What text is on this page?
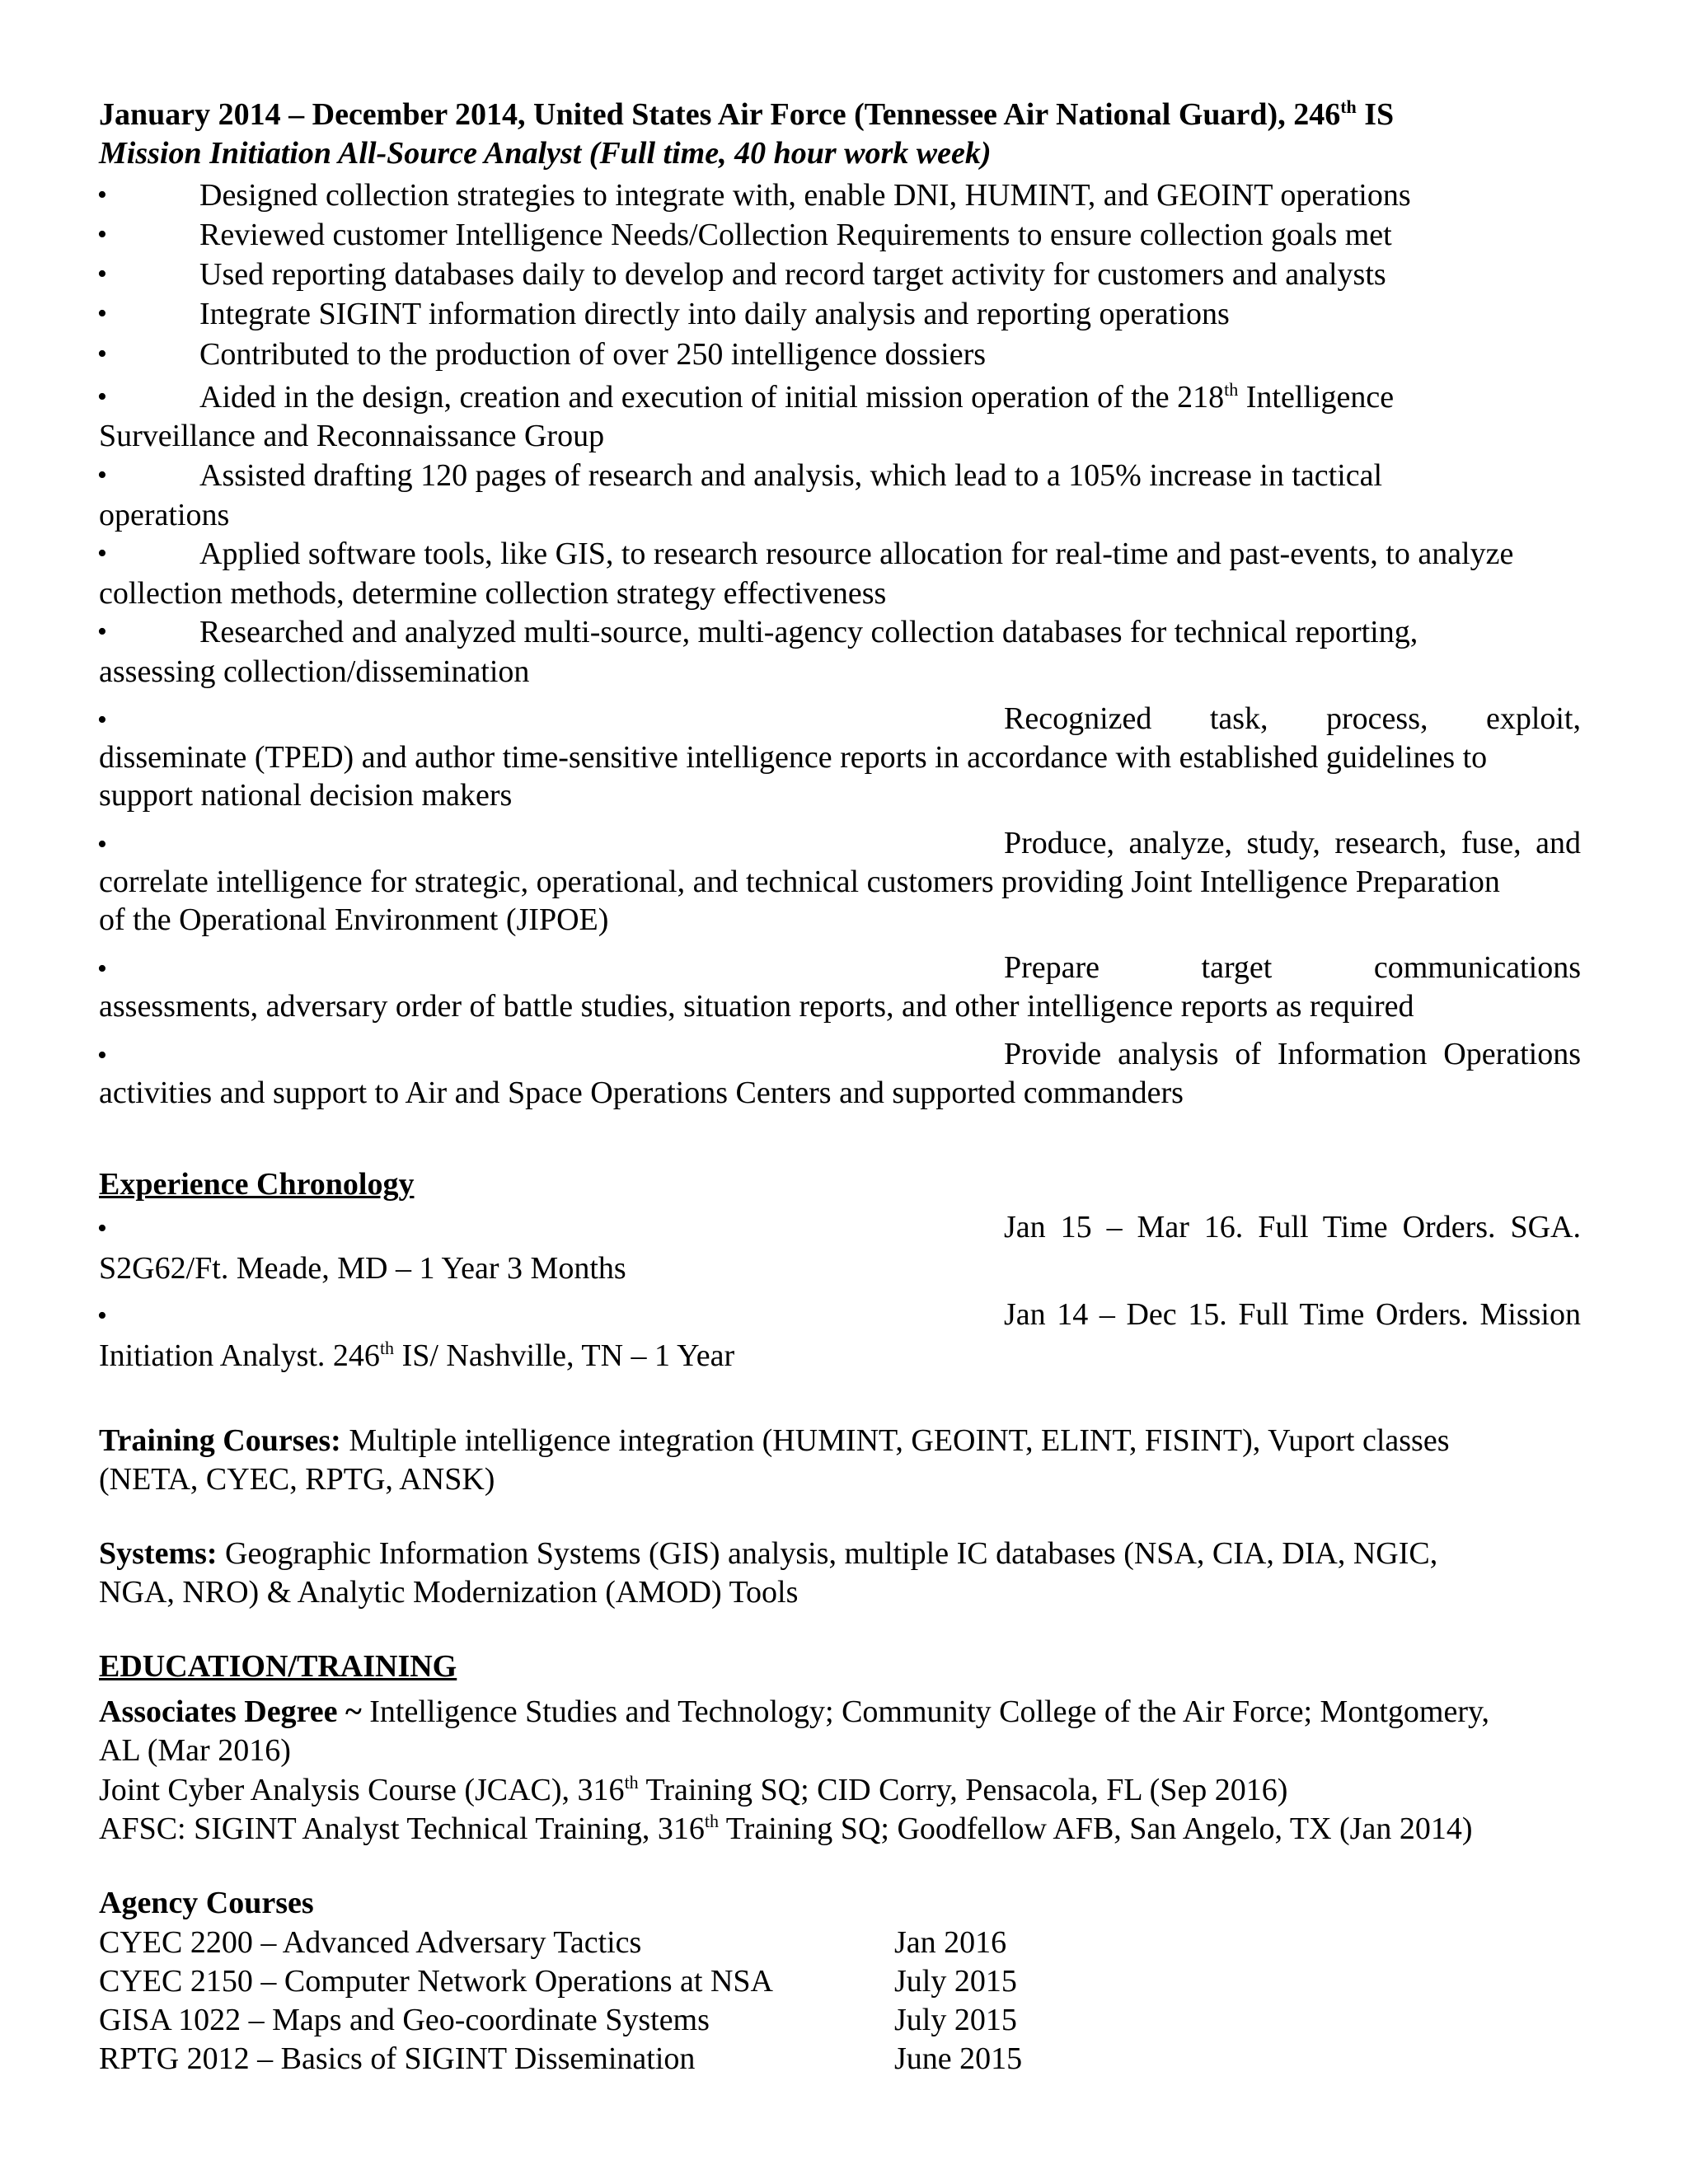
January 2014 – December 2014, United States Air Force (Tennessee Air National Guard), 246th IS
Mission Initiation All-Source Analyst (Full time, 40 hour work week)
•	Designed collection strategies to integrate with, enable DNI, HUMINT, and GEOINT operations
•	Reviewed customer Intelligence Needs/Collection Requirements to ensure collection goals met
•	Used reporting databases daily to develop and record target activity for customers and analysts
•	Integrate SIGINT information directly into daily analysis and reporting operations
•	Contributed to the production of over 250 intelligence dossiers
•	Aided in the design, creation and execution of initial mission operation of the 218th Intelligence
Surveillance and Reconnaissance Group
•	Assisted drafting 120 pages of research and analysis, which lead to a 105% increase in tactical
operations
•	Applied software tools, like GIS, to research resource allocation for real-time and past-events, to analyze
collection methods, determine collection strategy effectiveness
•	Researched and analyzed multi-source, multi-agency collection databases for technical reporting,
assessing collection/dissemination
•	Recognized task, process, exploit,
disseminate (TPED) and author time-sensitive intelligence reports in accordance with established guidelines to
support national decision makers
•	Produce, analyze, study, research, fuse, and
correlate intelligence for strategic, operational, and technical customers providing Joint Intelligence Preparation
of the Operational Environment (JIPOE)
•	Prepare target communications
assessments, adversary order of battle studies, situation reports, and other intelligence reports as required
•	Provide analysis of Information Operations
activities and support to Air and Space Operations Centers and supported commanders
Experience Chronology
•	Jan 15 – Mar 16. Full Time Orders. SGA.
S2G62/Ft. Meade, MD – 1 Year 3 Months
•	Jan 14 – Dec 15. Full Time Orders. Mission
Initiation Analyst. 246th IS/ Nashville, TN – 1 Year
Training Courses: Multiple intelligence integration (HUMINT, GEOINT, ELINT, FISINT), Vuport classes
(NETA, CYEC, RPTG, ANSK)
Systems: Geographic Information Systems (GIS) analysis, multiple IC databases (NSA, CIA, DIA, NGIC,
NGA, NRO) & Analytic Modernization (AMOD) Tools
EDUCATION/TRAINING
Associates Degree ~ Intelligence Studies and Technology; Community College of the Air Force; Montgomery,
AL (Mar 2016)
Joint Cyber Analysis Course (JCAC), 316th Training SQ; CID Corry, Pensacola, FL (Sep 2016)
AFSC: SIGINT Analyst Technical Training, 316th Training SQ; Goodfellow AFB, San Angelo, TX (Jan 2014)
Agency Courses
CYEC 2200 – Advanced Adversary Tactics	Jan 2016
CYEC 2150 – Computer Network Operations at NSA	July 2015
GISA 1022 – Maps and Geo-coordinate Systems	July 2015
RPTG 2012 – Basics of SIGINT Dissemination	June 2015
